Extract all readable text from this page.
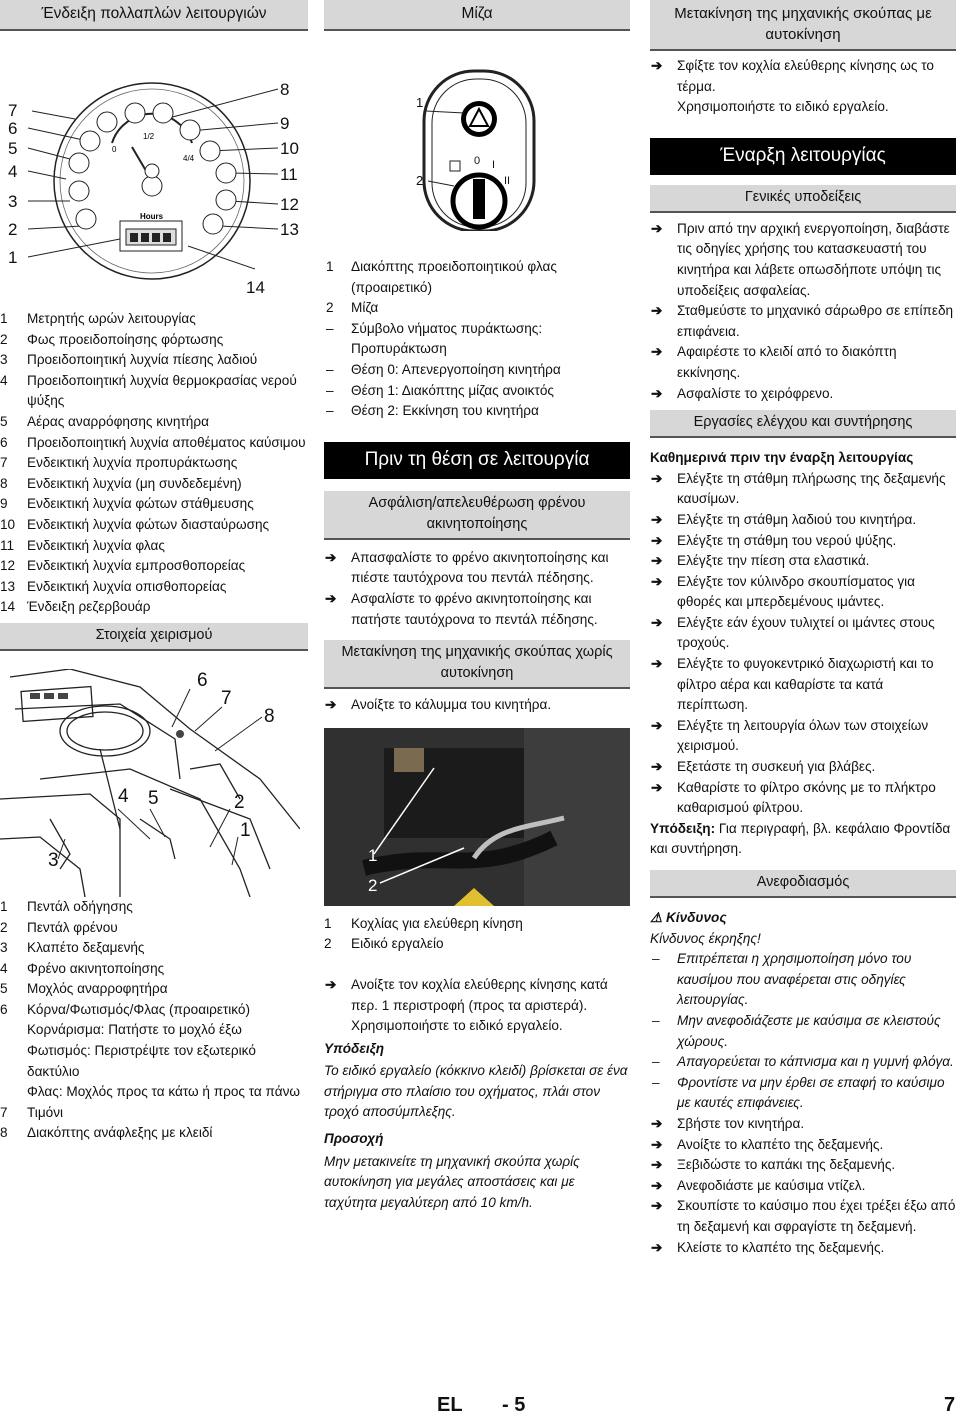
Ένδειξη πολλαπλών λειτουργιών
0
1/2
4/4
Hours
7
6
5
4
3
2
1
8
9
10
11
12
13
14
1 Μετρητής ωρών λειτουργίας
2 Φως προειδοποίησης φόρτωσης
3 Προειδοποιητική λυχνία πίεσης λαδιού
4 Προειδοποιητική λυχνία θερμοκρασίας νερού ψύξης
5 Αέρας αναρρόφησης κινητήρα
6 Προειδοποιητική λυχνία αποθέματος καύσιμου
7 Ενδεικτική λυχνία προπυράκτωσης
8 Ενδεικτική λυχνία (μη συνδεδεμένη)
9 Ενδεικτική λυχνία φώτων στάθμευσης
10 Ενδεικτική λυχνία φώτων διασταύρωσης
11 Ενδεικτική λυχνία φλας
12 Ενδεικτική λυχνία εμπροσθοπορείας
13 Ενδεικτική λυχνία οπισθοπορείας
14 Ένδειξη ρεζερβουάρ
Στοιχεία χειρισμού
6
7
8
4 5	2
1
3
1 Πεντάλ οδήγησης
2 Πεντάλ φρένου
3 Κλαπέτο δεξαμενής
4 Φρένο ακινητοποίησης
5 Μοχλός αναρροφητήρα
6 Κόρνα/Φωτισμός/Φλας (προαιρετικό)
Κορνάρισμα: Πατήστε το μοχλό έξω
Φωτισμός: Περιστρέψτε τον εξωτερικό δακτύλιο
Φλας: Μοχλός προς τα κάτω ή προς τα πάνω
7 Τιμόνι
8 Διακόπτης ανάφλεξης με κλειδί
Μίζα
1
2
0 I
II
1 Διακόπτης προειδοποιητικού φλας (προαιρετικό)
2 Μίζα
– Σύμβολο νήματος πυράκτωσης: Προπυράκτωση
– Θέση 0: Απενεργοποίηση κινητήρα
– Θέση 1: Διακόπτης μίζας ανοικτός
– Θέση 2: Εκκίνηση του κινητήρα
Πριν τη θέση σε λειτουργία
Ασφάλιση/απελευθέρωση φρένου ακινητοποίησης
➔ Απασφαλίστε το φρένο ακινητοποίησης και πιέστε ταυτόχρονα του πεντάλ πέδησης.
➔ Ασφαλίστε το φρένο ακινητοποίησης και πατήστε ταυτόχρονα το πεντάλ πέδησης.
Μετακίνηση της μηχανικής σκούπας χωρίς αυτοκίνηση
➔ Ανοίξτε το κάλυμμα του κινητήρα.
1
2
1 Κοχλίας για ελεύθερη κίνηση
2 Ειδικό εργαλείο
➔ Ανοίξτε τον κοχλία ελεύθερης κίνησης κατά περ. 1 περιστροφή (προς τα αριστερά).
Χρησιμοποιήστε το ειδικό εργαλείο.
Υπόδειξη
Το ειδικό εργαλείο (κόκκινο κλειδί) βρίσκεται σε ένα στήριγμα στο πλαίσιο του οχήματος, πλάι στον τροχό αποσύμπλεξης.
Προσοχή
Μην μετακινείτε τη μηχανική σκούπα χωρίς αυτοκίνηση για μεγάλες αποστάσεις και με ταχύτητα μεγαλύτερη από 10 km/h.
Μετακίνηση της μηχανικής σκούπας με αυτοκίνηση
➔ Σφίξτε τον κοχλία ελεύθερης κίνησης ως το τέρμα.
Χρησιμοποιήστε το ειδικό εργαλείο.
Έναρξη λειτουργίας
Γενικές υποδείξεις
➔ Πριν από την αρχική ενεργοποίηση, διαβάστε τις οδηγίες χρήσης του κατασκευαστή του κινητήρα και λάβετε οπωσδήποτε υπόψη τις υποδείξεις ασφαλείας.
➔ Σταθμεύστε το μηχανικό σάρωθρο σε επίπεδη επιφάνεια.
➔ Αφαιρέστε το κλειδί από το διακόπτη εκκίνησης.
➔ Ασφαλίστε το χειρόφρενο.
Εργασίες ελέγχου και συντήρησης
Καθημερινά πριν την έναρξη λειτουργίας
➔ Ελέγξτε τη στάθμη πλήρωσης της δεξαμενής καυσίμων.
➔ Ελέγξτε τη στάθμη λαδιού του κινητήρα.
➔ Ελέγξτε τη στάθμη του νερού ψύξης.
➔ Ελέγξτε την πίεση στα ελαστικά.
➔ Ελέγξτε τον κύλινδρο σκουπίσματος για φθορές και μπερδεμένους ιμάντες.
➔ Ελέγξτε εάν έχουν τυλιχτεί οι ιμάντες στους τροχούς.
➔ Ελέγξτε το φυγοκεντρικό διαχωριστή και το φίλτρο αέρα και καθαρίστε τα κατά περίπτωση.
➔ Ελέγξτε τη λειτουργία όλων των στοιχείων χειρισμού.
➔ Εξετάστε τη συσκευή για βλάβες.
➔ Καθαρίστε το φίλτρο σκόνης με το πλήκτρο καθαρισμού φίλτρου.
Υπόδειξη: Για περιγραφή, βλ. κεφάλαιο Φροντίδα και συντήρηση.
Ανεφοδιασμός
⚠ Κίνδυνος
Κίνδυνος έκρηξης!
– Επιτρέπεται η χρησιμοποίηση μόνο του καυσίμου που αναφέρεται στις οδηγίες λειτουργίας.
– Μην ανεφοδιάζεστε με καύσιμα σε κλειστούς χώρους.
– Απαγορεύεται το κάπνισμα και η γυμνή φλόγα.
– Φροντίστε να μην έρθει σε επαφή το καύσιμο με καυτές επιφάνειες.
➔ Σβήστε τον κινητήρα.
➔ Ανοίξτε το κλαπέτο της δεξαμενής.
➔ Ξεβιδώστε το καπάκι της δεξαμενής.
➔ Ανεφοδιάστε με καύσιμα ντίζελ.
➔ Σκουπίστε το καύσιμο που έχει τρέξει έξω από τη δεξαμενή και σφραγίστε τη δεξαμενή.
➔ Κλείστε το κλαπέτο της δεξαμενής.
EL - 5	7
